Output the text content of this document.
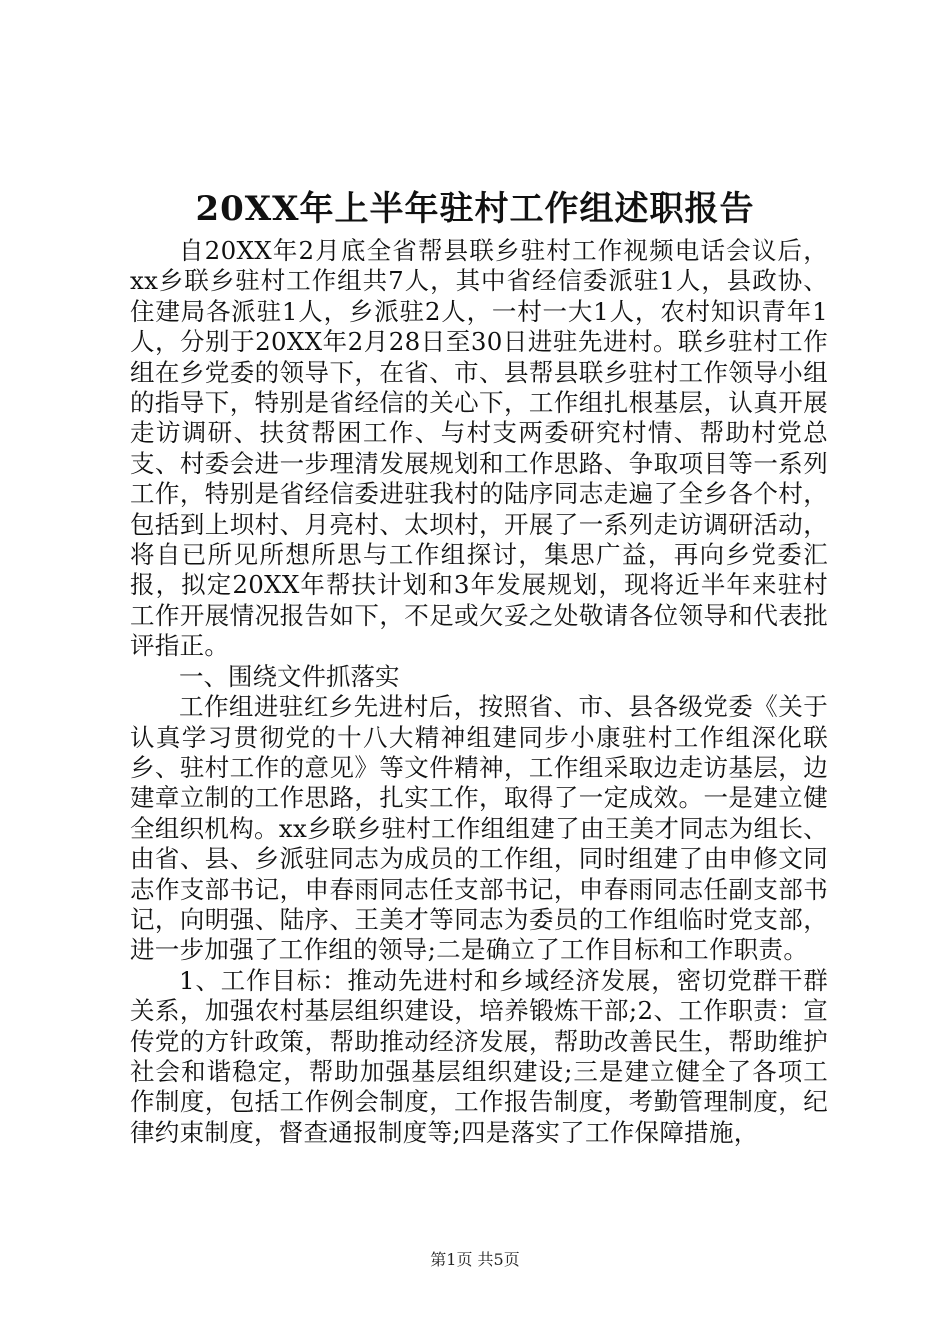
20XX年上半年驻村工作组述职报告

自20XX年2月底全省帮县联乡驻村工作视频电话会议后，xx乡联乡驻村工作组共7人，其中省经信委派驻1人，县政协、住建局各派驻1人，乡派驻2人，一村一大1人，农村知识青年1人，分别于20XX年2月28日至30日进驻先进村。联乡驻村工作组在乡党委的领导下，在省、市、县帮县联乡驻村工作领导小组的指导下，特别是省经信的关心下，工作组扎根基层，认真开展走访调研、扶贫帮困工作、与村支两委研究村情、帮助村党总支、村委会进一步理清发展规划和工作思路、争取项目等一系列工作，特别是省经信委进驻我村的陆序同志走遍了全乡各个村，包括到上坝村、月亮村、太坝村，开展了一系列走访调研活动，将自已所见所想所思与工作组探讨，集思广益，再向乡党委汇报，拟定20XX年帮扶计划和3年发展规划，现将近半年来驻村工作开展情况报告如下，不足或欠妥之处敬请各位领导和代表批评指正。

一、围绕文件抓落实

工作组进驻红乡先进村后，按照省、市、县各级党委《关于认真学习贯彻党的十八大精神组建同步小康驻村工作组深化联乡、驻村工作的意见》等文件精神，工作组采取边走访基层，边建章立制的工作思路，扎实工作，取得了一定成效。一是建立健全组织机构。xx乡联乡驻村工作组组建了由王美才同志为组长、由省、县、乡派驻同志为成员的工作组，同时组建了由申修文同志作支部书记，申春雨同志任支部书记，申春雨同志任副支部书记，向明强、陆序、王美才等同志为委员的工作组临时党支部，进一步加强了工作组的领导;二是确立了工作目标和工作职责。

1、工作目标：推动先进村和乡域经济发展，密切党群干群关系，加强农村基层组织建设，培养锻炼干部;2、工作职责：宣传党的方针政策，帮助推动经济发展，帮助改善民生，帮助维护社会和谐稳定，帮助加强基层组织建设;三是建立健全了各项工作制度，包括工作例会制度，工作报告制度，考勤管理制度，纪律约束制度，督查通报制度等;四是落实了工作保障措施，

第1页 共5页
